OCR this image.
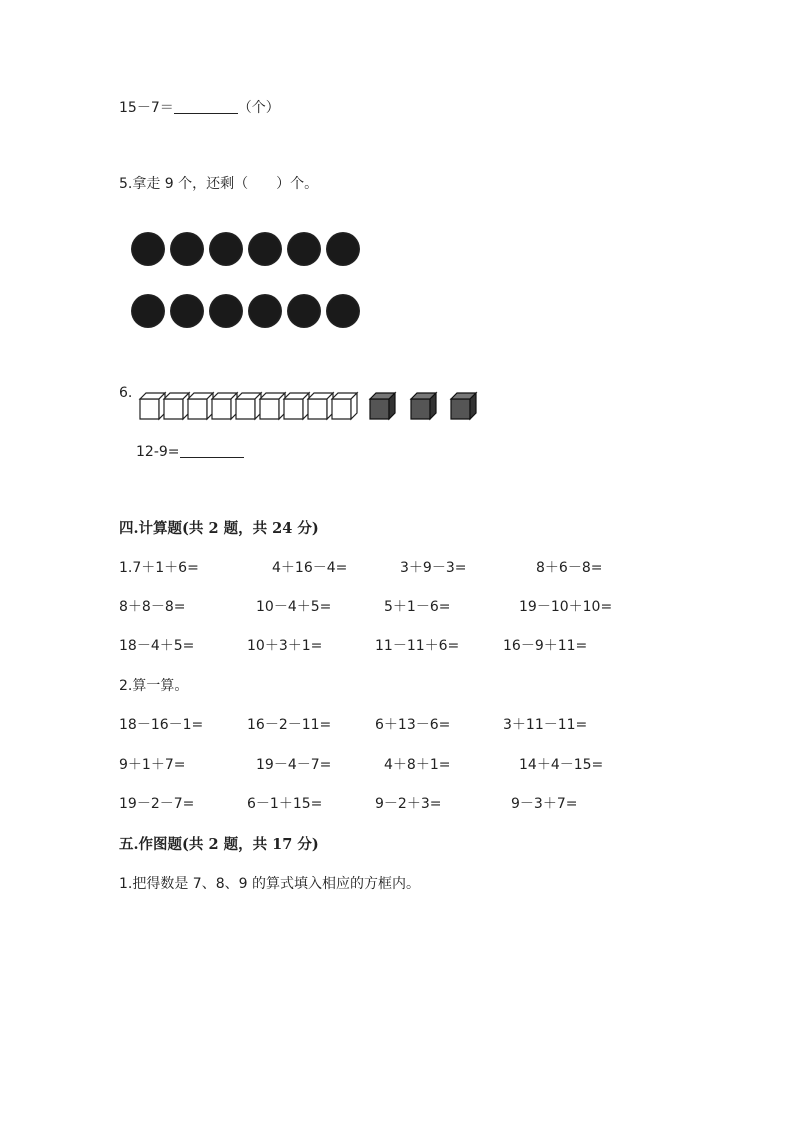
15－7＝	（个）
5.拿走 9 个，还剩（　　）个。
6.
12-9=
四.计算题(共 2 题，共 24 分)
1.7＋1＋6=	4＋16－4=	3＋9－3=	8＋6－8=
8＋8－8=	10－4＋5=	5＋1－6=	19－10＋10=
18－4＋5=	10＋3＋1=	11－11＋6=	16－9＋11=
2.算一算。
18－16－1=	16－2－11=	6＋13－6=	3＋11－11=
9＋1＋7=	19－4－7=	4＋8＋1=	14＋4－15=
19－2－7=	6－1＋15=	9－2＋3=	9－3＋7=
五.作图题(共 2 题，共 17 分)
1.把得数是 7、8、9 的算式填入相应的方框内。
